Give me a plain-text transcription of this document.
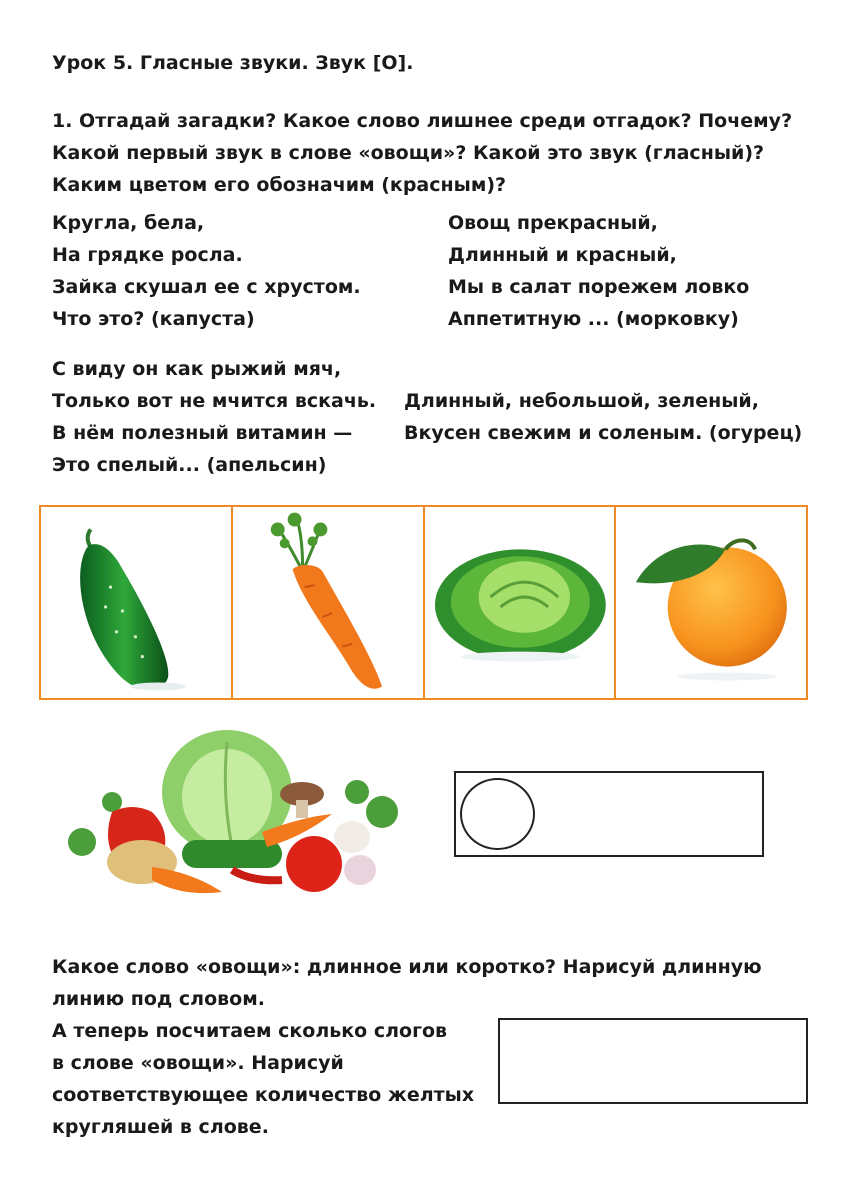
Урок 5. Гласные звуки. Звук [О].
1. Отгадай загадки? Какое слово лишнее среди отгадок? Почему?
Какой первый звук в слове «овощи»? Какой это звук (гласный)?
Каким цветом его обозначим (красным)?
Кругла, бела,
На грядке росла.
Зайка скушал ее с хрустом.
Что это? (капуста)
Овощ прекрасный,
Длинный и красный,
Мы в салат порежем ловко
Аппетитную ... (морковку)
С виду он как рыжий мяч,
Только вот не мчится вскачь.
В нём полезный витамин —
Это спелый... (апельсин)
Длинный, небольшой, зеленый,
Вкусен свежим и соленым. (огурец)
Какое слово «овощи»: длинное или коротко? Нарисуй длинную
линию под словом.
А теперь посчитаем сколько слогов
в слове «овощи». Нарисуй
соответствующее количество желтых
кругляшей в слове.
